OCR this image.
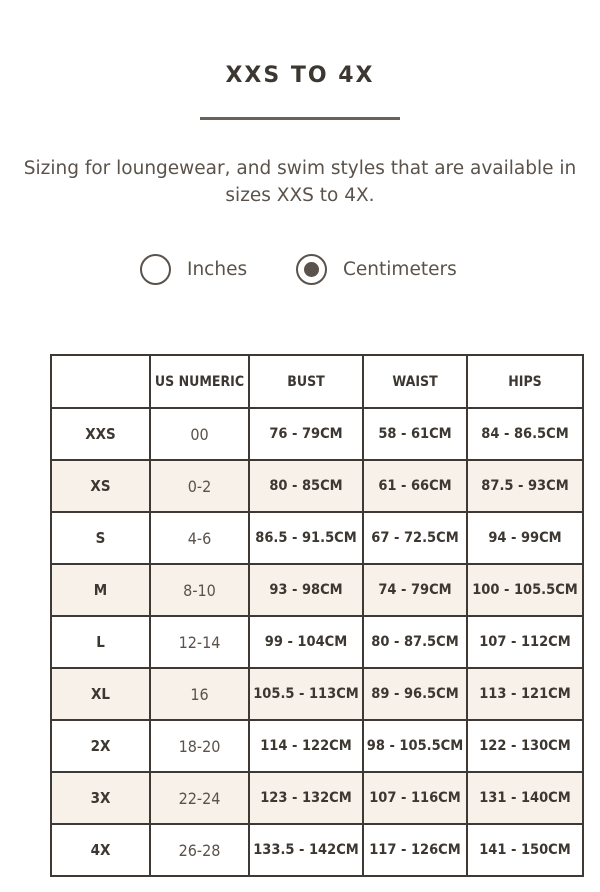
XXS TO 4X
Sizing for loungewear, and swim styles that are available in sizes XXS to 4X.
Inches	Centimeters
	US NUMERIC	BUST	WAIST	HIPS
XXS	00	76 - 79CM	58 - 61CM	84 - 86.5CM
XS	0-2	80 - 85CM	61 - 66CM	87.5 - 93CM
S	4-6	86.5 - 91.5CM	67 - 72.5CM	94 - 99CM
M	8-10	93 - 98CM	74 - 79CM	100 - 105.5CM
L	12-14	99 - 104CM	80 - 87.5CM	107 - 112CM
XL	16	105.5 - 113CM	89 - 96.5CM	113 - 121CM
2X	18-20	114 - 122CM	98 - 105.5CM	122 - 130CM
3X	22-24	123 - 132CM	107 - 116CM	131 - 140CM
4X	26-28	133.5 - 142CM	117 - 126CM	141 - 150CM
